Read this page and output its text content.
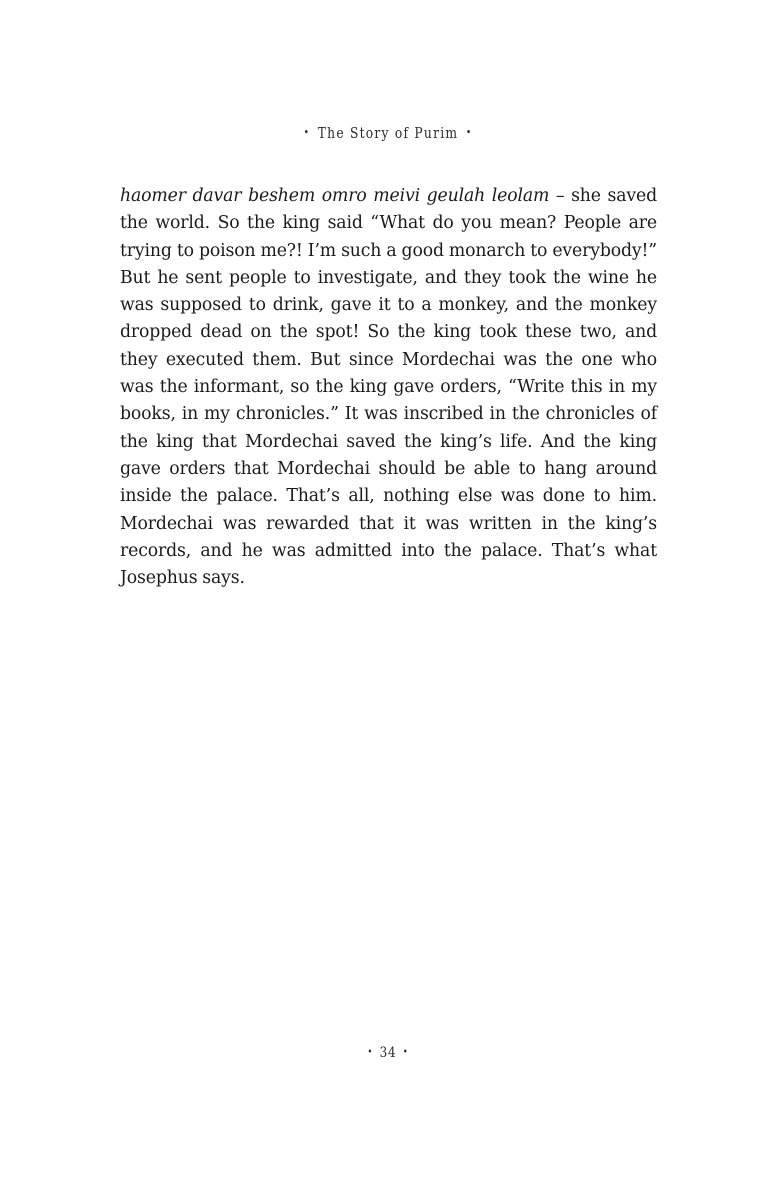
• The Story of Purim •

haomer davar beshem omro meivi geulah leolam – she saved the world. So the king said “What do you mean? People are trying to poison me?! I’m such a good monarch to everybody!” But he sent people to investigate, and they took the wine he was supposed to drink, gave it to a monkey, and the monkey dropped dead on the spot! So the king took these two, and they executed them. But since Mordechai was the one who was the informant, so the king gave orders, “Write this in my books, in my chronicles.” It was inscribed in the chronicles of the king that Mordechai saved the king’s life. And the king gave orders that Mordechai should be able to hang around inside the palace. That’s all, nothing else was done to him. Mordechai was rewarded that it was written in the king’s records, and he was admitted into the palace. That’s what Josephus says.

• 34 •
